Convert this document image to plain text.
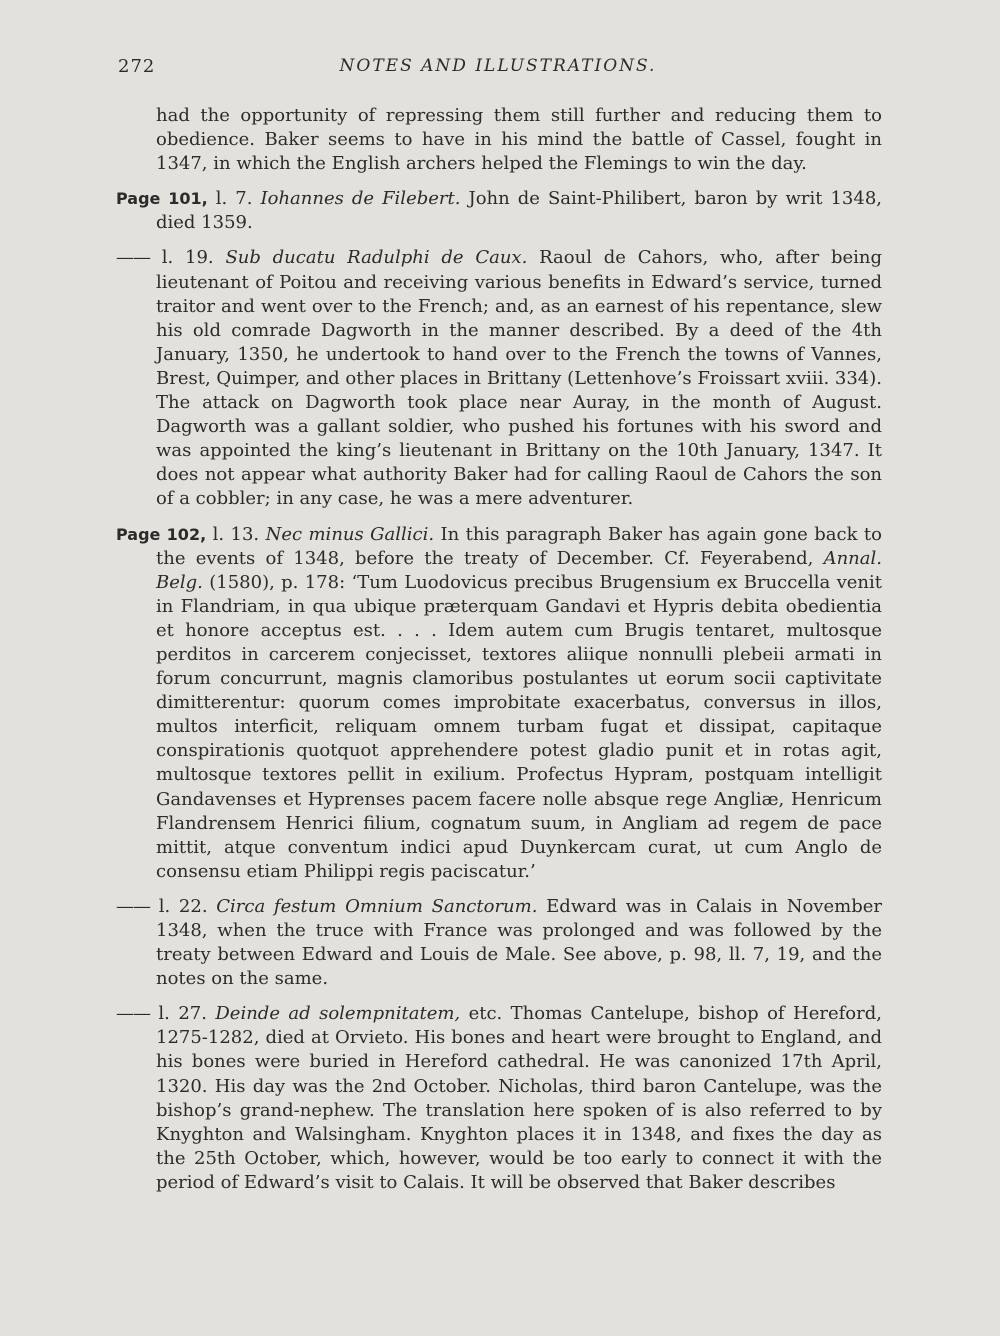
272	NOTES AND ILLUSTRATIONS.

had the opportunity of repressing them still further and reducing them to obedience. Baker seems to have in his mind the battle of Cassel, fought in 1347, in which the English archers helped the Flemings to win the day.

Page 101, l. 7. Iohannes de Filebert. John de Saint-Philibert, baron by writ 1348, died 1359.

—— l. 19. Sub ducatu Radulphi de Caux. Raoul de Cahors, who, after being lieutenant of Poitou and receiving various benefits in Edward’s service, turned traitor and went over to the French; and, as an earnest of his repentance, slew his old comrade Dagworth in the manner described. By a deed of the 4th January, 1350, he undertook to hand over to the French the towns of Vannes, Brest, Quimper, and other places in Brittany (Lettenhove’s Froissart xviii. 334). The attack on Dagworth took place near Auray, in the month of August. Dagworth was a gallant soldier, who pushed his fortunes with his sword and was appointed the king’s lieutenant in Brittany on the 10th January, 1347. It does not appear what authority Baker had for calling Raoul de Cahors the son of a cobbler; in any case, he was a mere adventurer.

Page 102, l. 13. Nec minus Gallici. In this paragraph Baker has again gone back to the events of 1348, before the treaty of December. Cf. Feyerabend, Annal. Belg. (1580), p. 178: ‘Tum Luodovicus precibus Brugensium ex Bruccella venit in Flandriam, in qua ubique præterquam Gandavi et Hypris debita obedientia et honore acceptus est. . . . Idem autem cum Brugis tentaret, multosque perditos in carcerem conjecisset, textores aliique nonnulli plebeii armati in forum concurrunt, magnis clamoribus postulantes ut eorum socii captivitate dimitterentur: quorum comes improbitate exacerbatus, conversus in illos, multos interficit, reliquam omnem turbam fugat et dissipat, capitaque conspirationis quotquot apprehendere potest gladio punit et in rotas agit, multosque textores pellit in exilium. Profectus Hypram, postquam intelligit Gandavenses et Hyprenses pacem facere nolle absque rege Angliæ, Henricum Flandrensem Henrici filium, cognatum suum, in Angliam ad regem de pace mittit, atque conventum indici apud Duynkercam curat, ut cum Anglo de consensu etiam Philippi regis paciscatur.’

—— l. 22. Circa festum Omnium Sanctorum. Edward was in Calais in November 1348, when the truce with France was prolonged and was followed by the treaty between Edward and Louis de Male. See above, p. 98, ll. 7, 19, and the notes on the same.

—— l. 27. Deinde ad solempnitatem, etc. Thomas Cantelupe, bishop of Hereford, 1275-1282, died at Orvieto. His bones and heart were brought to England, and his bones were buried in Hereford cathedral. He was canonized 17th April, 1320. His day was the 2nd October. Nicholas, third baron Cantelupe, was the bishop’s grand-nephew. The translation here spoken of is also referred to by Knyghton and Walsingham. Knyghton places it in 1348, and fixes the day as the 25th October, which, however, would be too early to connect it with the period of Edward’s visit to Calais. It will be observed that Baker describes
